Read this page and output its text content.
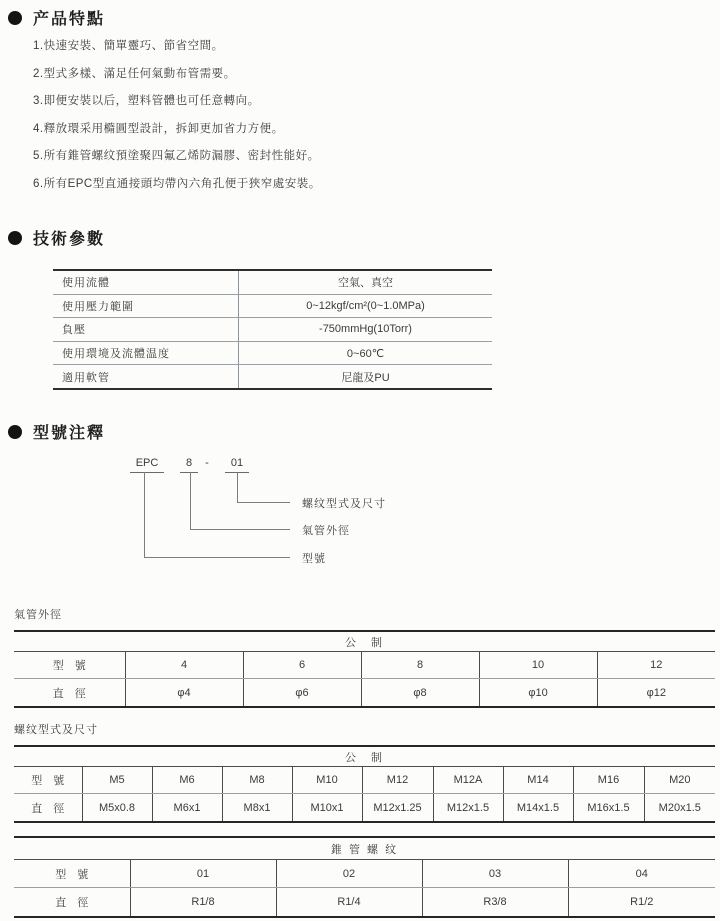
产品特點
1.快速安裝、簡單靈巧、節省空間。
2.型式多樣、滿足任何氣動布管需要。
3.即便安裝以后，塑料管體也可任意轉向。
4.釋放環采用橢圓型設計，拆卸更加省力方便。
5.所有錐管螺纹預塗聚四氟乙烯防漏膠、密封性能好。
6.所有EPC型直通接頭均帶內六角孔便于狹窄處安裝。
技術參數
使用流體	空氣、真空
使用壓力範圍	0~12kgf/cm²(0~1.0MPa)
負壓	-750mmHg(10Torr)
使用環境及流體温度	0~60℃
適用軟管	尼龍及PU
型號注釋
EPC	8	-	01
螺纹型式及尺寸
氣管外徑
型號
氣管外徑
公　制					
型　號	4	6	8	10	12
直　徑	φ4	φ6	φ8	φ10	φ12
螺纹型式及尺寸
公　制									
型　號	M5	M6	M8	M10	M12	M12A	M14	M16	M20
直　徑	M5x0.8	M6x1	M8x1	M10x1	M12x1.25	M12x1.5	M14x1.5	M16x1.5	M20x1.5
錐 管 螺 纹				
型　號	01	02	03	04
直　徑	R1/8	R1/4	R3/8	R1/2
